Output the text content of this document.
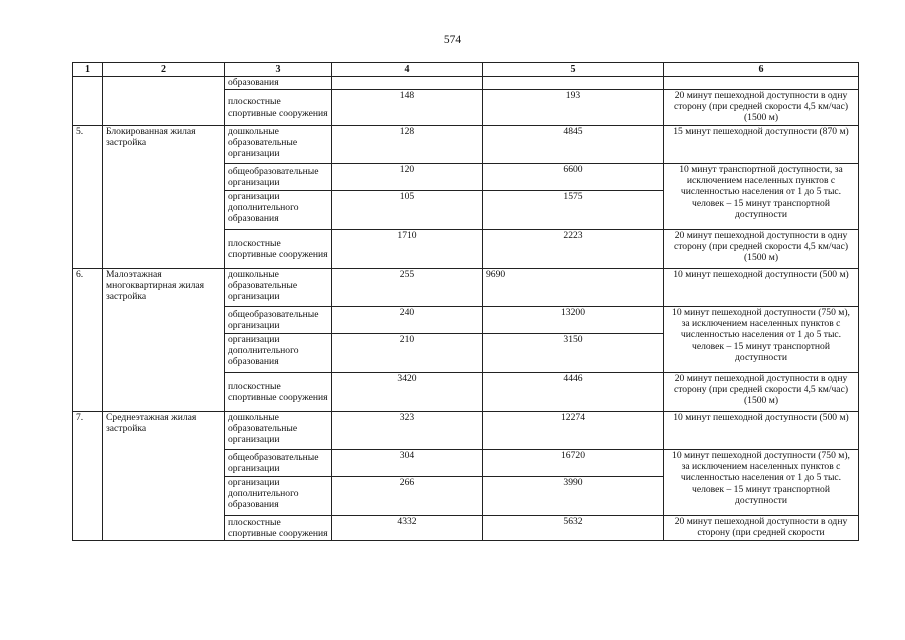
574
1	2	3	4	5	6
		образования			
		плоскостные спортивные сооружения	148	193	20 минут пешеходной доступности в одну сторону (при средней скорости 4,5 км/час) (1500 м)
5.	Блокированная жилая застройка	дошкольные образовательные организации	128	4845	15 минут пешеходной доступности (870 м)
		общеобразовательные организации	120	6600	10 минут транспортной доступности, за исключением населенных пунктов с численностью населения от 1 до 5 тыс. человек – 15 минут транспортной доступности
		организации дополнительного образования	105	1575	
		плоскостные спортивные сооружения	1710	2223	20 минут пешеходной доступности в одну сторону (при средней скорости 4,5 км/час) (1500 м)
6.	Малоэтажная многоквартирная жилая застройка	дошкольные образовательные организации	255	9690	10 минут пешеходной доступности (500 м)
		общеобразовательные организации	240	13200	10 минут пешеходной доступности (750 м), за исключением населенных пунктов с численностью населения от 1 до 5 тыс. человек – 15 минут транспортной доступности
		организации дополнительного образования	210	3150	
		плоскостные спортивные сооружения	3420	4446	20 минут пешеходной доступности в одну сторону (при средней скорости 4,5 км/час) (1500 м)
7.	Среднеэтажная жилая застройка	дошкольные образовательные организации	323	12274	10 минут пешеходной доступности (500 м)
		общеобразовательные организации	304	16720	10 минут пешеходной доступности (750 м), за исключением населенных пунктов с численностью населения от 1 до 5 тыс. человек – 15 минут транспортной доступности
		организации дополнительного образования	266	3990	
		плоскостные спортивные сооружения	4332	5632	20 минут пешеходной доступности в одну сторону (при средней скорости
